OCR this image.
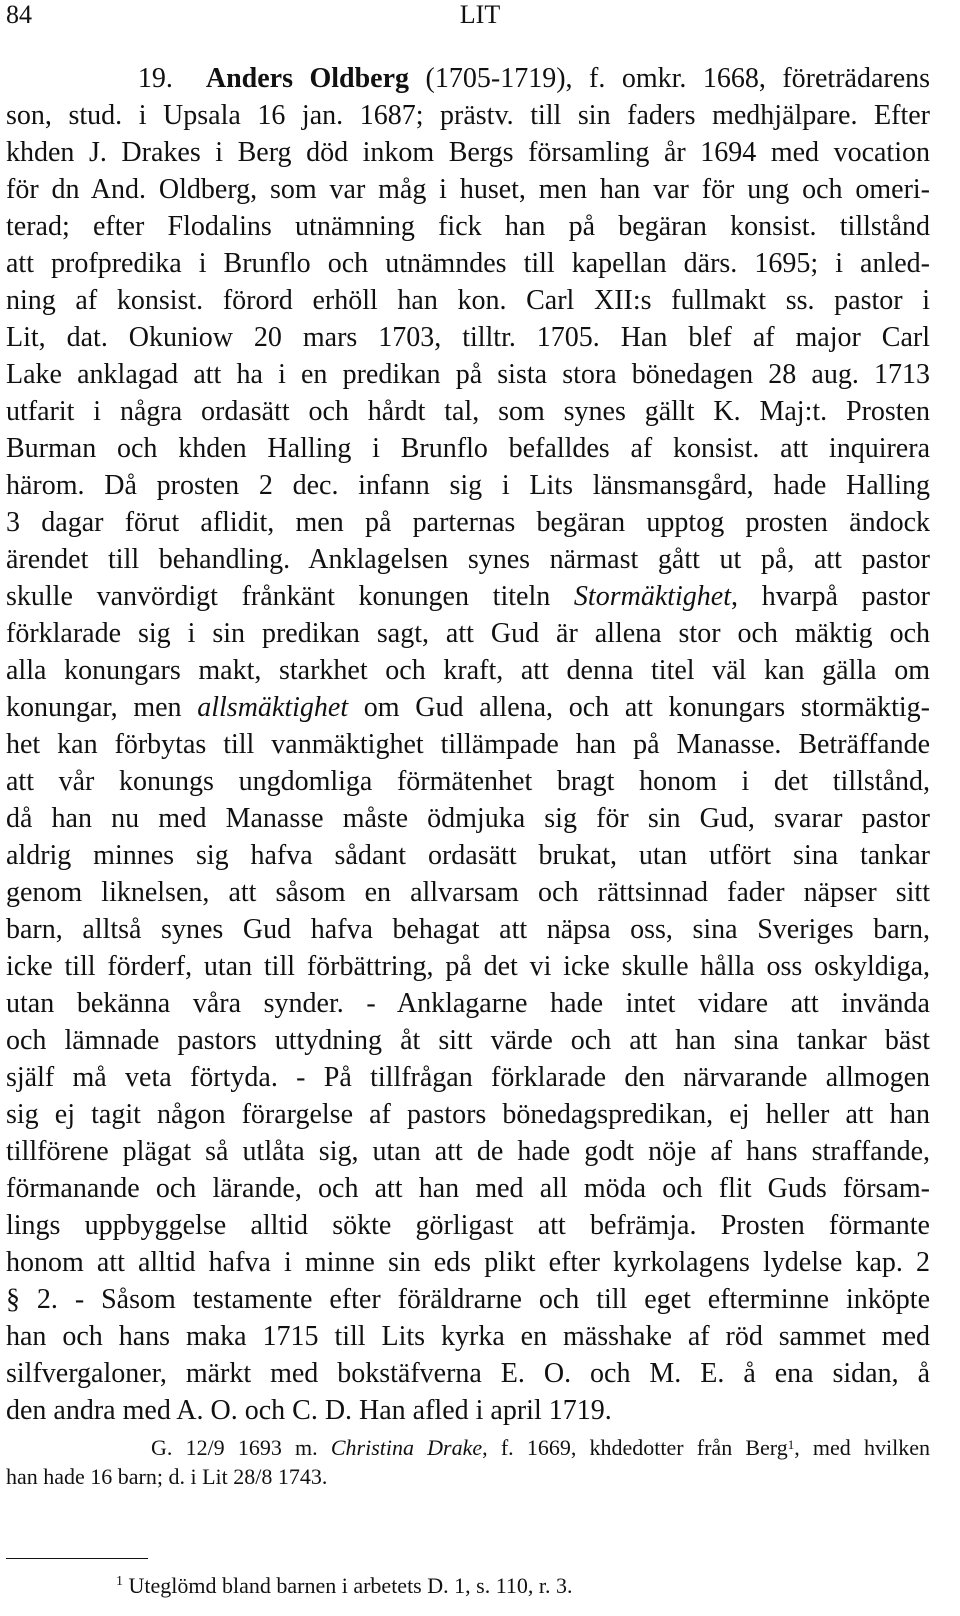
84	LIT
19. Anders Oldberg (1705-1719), f. omkr. 1668, företrädarens
son, stud. i Upsala 16 jan. 1687; prästv. till sin faders medhjälpare. Efter
khden J. Drakes i Berg död inkom Bergs församling år 1694 med vocation
för dn And. Oldberg, som var måg i huset, men han var för ung och omeri-
terad; efter Flodalins utnämning fick han på begäran konsist. tillstånd
att profpredika i Brunflo och utnämndes till kapellan därs. 1695; i anled-
ning af konsist. förord erhöll han kon. Carl XII:s fullmakt ss. pastor i
Lit, dat. Okuniow 20 mars 1703, tilltr. 1705. Han blef af major Carl
Lake anklagad att ha i en predikan på sista stora bönedagen 28 aug. 1713
utfarit i några ordasätt och hårdt tal, som synes gällt K. Maj:t. Prosten
Burman och khden Halling i Brunflo befalldes af konsist. att inquirera
härom. Då prosten 2 dec. infann sig i Lits länsmansgård, hade Halling
3 dagar förut aflidit, men på parternas begäran upptog prosten ändock
ärendet till behandling. Anklagelsen synes närmast gått ut på, att pastor
skulle vanvördigt frånkänt konungen titeln Stormäktighet, hvarpå pastor
förklarade sig i sin predikan sagt, att Gud är allena stor och mäktig och
alla konungars makt, starkhet och kraft, att denna titel väl kan gälla om
konungar, men allsmäktighet om Gud allena, och att konungars stormäktig-
het kan förbytas till vanmäktighet tillämpade han på Manasse. Beträffande
att vår konungs ungdomliga förmätenhet bragt honom i det tillstånd,
då han nu med Manasse måste ödmjuka sig för sin Gud, svarar pastor
aldrig minnes sig hafva sådant ordasätt brukat, utan utfört sina tankar
genom liknelsen, att såsom en allvarsam och rättsinnad fader näpser sitt
barn, alltså synes Gud hafva behagat att näpsa oss, sina Sveriges barn,
icke till förderf, utan till förbättring, på det vi icke skulle hålla oss oskyldiga,
utan bekänna våra synder. - Anklagarne hade intet vidare att invända
och lämnade pastors uttydning åt sitt värde och att han sina tankar bäst
själf må veta förtyda. - På tillfrågan förklarade den närvarande allmogen
sig ej tagit någon förargelse af pastors bönedagspredikan, ej heller att han
tillförene plägat så utlåta sig, utan att de hade godt nöje af hans straffande,
förmanande och lärande, och att han med all möda och flit Guds försam-
lings uppbyggelse alltid sökte görligast att befrämja. Prosten förmante
honom att alltid hafva i minne sin eds plikt efter kyrkolagens lydelse kap. 2
§ 2. - Såsom testamente efter föräldrarne och till eget efterminne inköpte
han och hans maka 1715 till Lits kyrka en mässhake af röd sammet med
silfvergaloner, märkt med bokstäfverna E. O. och M. E. å ena sidan, å
den andra med A. O. och C. D. Han afled i april 1719.
G. 12/9 1693 m. Christina Drake, f. 1669, khdedotter från Berg$^1$, med hvilken
han hade 16 barn; d. i Lit 28/8 1743.
$^1$ Uteglömd bland barnen i arbetets D. 1, s. 110, r. 3.
